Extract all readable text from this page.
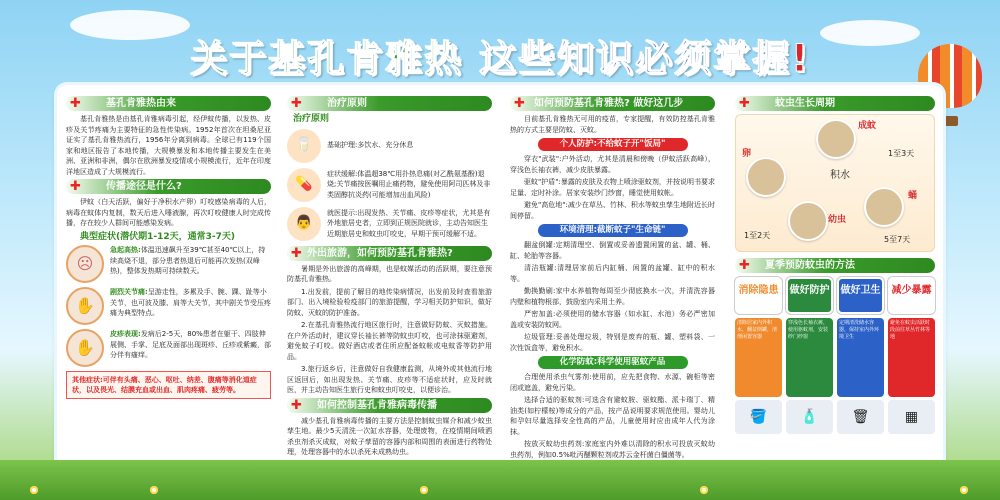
关于基孔肯雅热 这些知识必须掌握!
✚	基孔肯雅热由来
基孔肯雅热是由基孔肯雅病毒引起，经伊蚊传播，以发热、皮疹及关节疼痛为主要特征的急性传染病。1952年首次在坦桑尼亚证实了基孔肯雅热流行，1956年分离到病毒。全球已有119个国家和地区报告了本地传播，大规模暴发和本地传播主要发生在美洲、亚洲和非洲，偶尔在欧洲暴发疫情或小规模流行，近年在印度洋地区造成了大规模流行。
✚	传播途径是什么?
伊蚊（白天活跃，偏好于净积水产卵）叮咬感染病毒的人后，病毒在蚊体内复制，数天后进入唾液腺，再次叮咬健康人时完成传播，存在较少人群间可能感染发病。
典型症状(潜伏期1-12天，通常3-7天)
☹
急起高热:体温迅速飙升至39℃甚至40℃以上，持续高烧不退，部分患者热退后可能再次发热(双峰热)，整体发热期可持续数天。
✋
剧烈关节痛:呈游走性，多累及手、腕、踝、趾等小关节，也可波及膝、肩等大关节，其中剧关节受压疼痛为典型特点。
✋
皮疹表现:发病后2-5天，80%患者在躯干、四肢伸展侧、手掌、足底及面部出现斑疹、丘疹或紫癜，部分伴有瘙痒。
其他症状:可伴有头痛、恶心、呕吐、纳差、腹痛等消化道症状，以及畏光、结膜充血或出血、肌肉疼痛、疲劳等。
✚	治疗原则
治疗原则
🥛	基础护理:多饮水、充分休息
💊
症状缓解:体温超38℃用扑热息痛(对乙酰氨基酚)退烧;关节痛按医嘱用止痛药物，避免使用阿司匹林及非类固醇抗炎药(可能增加出血风险)
👨
就医提示:出现发热、关节痛、皮疹等症状，尤其是有外地旅居史者，立即到正规医院就诊，主动告知医生近期旅居史和蚊虫叮咬史，早期干预可缓解不适。
✚ 外出旅游，如何预防基孔肯雅热?
暑期是外出旅游的高峰期，也是蚊媒活动的活跃期，要注意预防基孔肯雅热。
1.出发前，提前了解目的地传染病情况，出发前及时查看旅游部门、出入境检验检疫部门的旅游提醒，学习相关防护知识，做好防蚊、灭蚊的防护准备。
2.在基孔肯雅热流行地区旅行时，注意做好防蚊、灭蚊措施。在户外活动时，建议穿长袖长裤等防蚊虫叮咬，也可涂抹驱避剂，避免蚊子叮咬。做好酒店或者住所应配备蚊帐或电蚊香等防护用品。
3.旅行返乡后，注意做好自我健康监测，从境外或其他流行地区返回后，如出现发热、关节痛、皮疹等不适症状时，应及时就医，并主动告知医生旅行史和蚊虫叮咬史，以便诊治。
✚ 如何控制基孔肯雅病毒传播
减少基孔肯雅病毒传播的主要方法是控制蚊虫媒介和减少蚊虫孳生地。最少5天清洗一次缸水容器，处理废物，在疫情期间喷洒杀虫剂杀灭成蚊，对蚊子孳留的容器内部和周围的表面进行药物处理，处理容器中的水以杀死未成熟幼虫。
✚ 如何预防基孔肯雅热? 做好这几步
目前基孔肯雅热无可用的疫苗，专家提醒，有效防控基孔肯雅热的方式主要是防蚊、灭蚊。
个人防护:不给蚊子开"饭局"
穿衣"武装":户外活动，尤其是清晨和傍晚（伊蚊活跃高峰），穿浅色长袖衣裤，减少皮肤暴露。
驱蚊"护盾":暴露的皮肤及衣物上喷涂驱蚊剂，并按说明书要求足量、定时补涂。居家安装纱门纱窗，睡觉使用蚊帐。
避免"高危地":减少在草丛、竹林、积水等蚊虫孳生地附近长时间停留。
环境清理:截断蚊子"生命链"
翻盆倒罐:定期清理空、倒置或妥善遗置闲置的盆、罐、桶、缸、轮胎等容器。
清洁瓶罐:清理居家前后内缸桶、闲置的盆罐、缸中的积水等。
勤换勤刷:家中水养植物每周至少彻底换水一次，并清洗容器内壁和植物根部，鼓励室内采用土养。
严密加盖:必须使用的储水容器（如水缸、水池）务必严密加盖或安装防蚊网。
垃圾管理:妥善处理垃圾，特别是废弃的瓶、罐、塑料袋、一次性饭盒等，避免积水。
化学防蚊:科学使用驱蚊产品
合理使用杀虫气雾剂:使用前，应先把食物、水源、碗柜等密闭或遮盖，避免污染。
选择合适的驱蚊剂:可选含有避蚊胺、驱蚊酯、派卡瑞丁、精油类(如柠檬桉)等成分的产品，按产品说明要求规范使用。婴幼儿和孕妇尽量选择安全性高的产品，儿童使用时应由成年人代为涂抹。
按放灭蚊幼虫药剂:家庭室内外难以清除的积水可投放灭蚊幼虫药剂，例如0.5%吡丙醚颗粒剂或苏云金杆菌白僵菌等。
✚	蚊虫生长周期
成蚊
卵
幼虫
蛹
积水
1至3天
1至2天	5至7天
✚ 夏季预防蚊虫的方法
消除隐患
清除居家内外积水，翻盆倒罐，清理闲置容器
🪣
做好防护
穿浅色长袖衣裤，使用驱蚊剂，安装纱门纱窗
🧴
做好卫生
定期清洗储水容器，保持室内外环境卫生
🗑
减少暴露
避免在蚊虫活跃时段前往草丛竹林等地
▦
